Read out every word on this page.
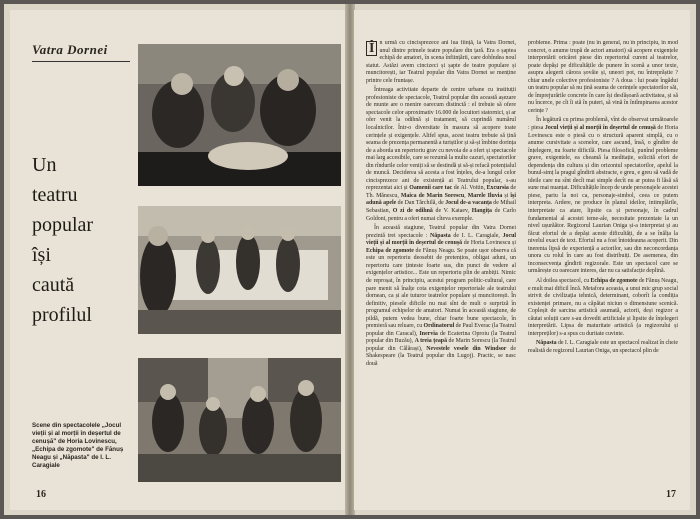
Vatra Dornei
Un
teatru
popular
își
caută
profilul
Scene din spectacolele „Jocul vieții și al morții în deșertul de cenușă" de Horia Lovinescu, „Echipa de zgomote" de Fănuș Neagu și „Năpasta" de I. L. Caragiale
16

Î n urmă cu cincisprezece ani lua ființă, la Vatra Dornei, unul dintre primele teatre populare din țară. Era o șaptea echipă de amatori, în scena înființării, care dobîndea noul statut. Astăzi avem cincizeci și șapte de teatre populare și muncitorești, iar Teatrul popular din Vatra Dornei se menține printre cele fruntașe.

Întreaga activitate departe de centre urbane cu instituții profesioniste de spectacole, Teatrul popular din această așezare de munte are o menire oarecum distinctă : el trebuie să ofere spectacole celor aproximativ 16.000 de locuitori statornici, și ar ofer venit la odihnă și tratament, să cuprindă numărul localnicilor. Într-o diversitate în masura să acopere toate cerințele și exigențele. Altfel spus, acest teatru trebuie să țină seama de prezența permanentă a turiștilor și să-și îmbine dorința de a aborda un repertoriu grav cu nevoia de a oferi și spectacole mai larg accesibile, care se rezumă la multe cazuri, spectatorilor din rîndurile celor veniți să se destindă și să-și refacă potențialul de muncă. Deciderea să acesta a fost înțeles, de-a lungul celor cincisprezece ani de existență ai Teatrului popular, s-au reprezentat aici și Oamenii care tac de Al. Voitin, Excursia de Th. Mănescu, Maica de Marin Sorescu, Marele Iluvia și își adună apele de Dan Tărchilă, de Jocul de-a vacanța de Mihail Sebastian, O zi de odihnă de V. Kataev, Hangița de Carlo Goldoni, pentru a oferi numai cîteva exemple.

În această stagiune, Teatrul popular din Vatra Dornei prezintă trei spectacole : Năpasta de I. L. Caragiale, Jocul vieții și al morții în deșertul de cenușă de Horia Lovinescu și Echipa de zgomote de Fănuș Neagu. Se poate ușor observa că este un repertoriu deosebit de pretențios, obligat aduni, un repertoriu care ținteste foarte sus, din punct de vedere al exigențelor artistice... Este un repertoriu plin de ambiții. Nimic de reproșat, în principiu, acestui program politic-cultural, care pare menit să înalțe cota exigențelor repertoriale ale teatrului dornean, ca și ale tuturor teatrelor populare și muncitorești. În definitiv, piesele dificile nu mai sînt de mult o surpriză în programul echipelor de amatori. Numai în această stagiune, de pildă, putem vedea bune, chiar foarte bune spectacole, în premieră sau reluare, cu Ordinatorul de Paul Everac (la Teatrul popular din Caracal), Inervia de Ecaterina Oproiu (la Teatrul popular din Buzău), A treia țeapă de Marin Sorescu (la Teatrul popular din Călărași), Nevestele vesele din Windsor de Shakespeare (la Teatrul popular din Lugoj). Practic, se nasc două

probleme. Prima : poate (nu în general, nu în principiu, în mod concret, o anume trupă de actori amatori) să acopere exigențele interpretării oricărei piese din repertoriul curent al teatrelor, poate depăși pe dificultățile de punere în scenă a unor texte, asupra alegerii cărora șovăie și, uneori pot, nu întreprăștie ? chiar unele colective profesioniste ? A doua : lui poate îngădui un teatru popular să nu țină seama de cerințele spectatorilor săi, de împrejurările concrete în care își desfășoară activitatea, și să nu încerce, pe cît îi stă în puteri, să vină în întîmpinarea acestor cerințe ?

În legătură cu prima problemă, vînt de observat următoarele : piesa Jocul vieții și al morții în deșertul de cenușă de Horia Lovinescu este o piesă cu o structură aparent simplă, cu o anume cursivitate a scenelor, care ascund, însă, o gîndire de înțelegere, nu foarte dificilă. Piesa filosofică, punînd probleme grave, exigentele, ea cheamă la meditație, solicită efort de dependența din cultura și din orizontul spectatorilor, apelul la bunul-simț la pragul gîndirii abstracte, e greu, e greu să vadă de ideile care nu sînt decît mai simple decît nu ar putea fi lăsă să sune mai nuanțat. Dificultățile încep de unde personajele acestei piese, pariu la noi ca, personaje-simbol, ceea ce putem interpreta. Ardere, ne produce în planul ideilor, intimplările, interpretate ca atare, lipsite ca și personaje, în cadrul fundamental al acestei teme-ale, necesitate prezentate la un nivel ușurăător. Regizorul Laurian Oniga și-a interpretat și au făcut efortul de a depăși aceste dificultăți, de a se înălța la nivelul exact de text. Efortul nu a fost întotdeauna acoperit. Din inerenta lipsă de experiență a actorilor, sau din neconcordanța unora cu rolul în care au fost distribuiți. De asemenea, din inconsecvența gîndirii regizorale. Este un spectacol care se urmărește cu oarecare interes, dar nu ca satisfacție deplină.

Al doilea spectacol, cu Echipa de zgomote de Fănuș Neagu, e mult mai dificil încă. Metafora aceasta, a unui mic grup social strivit de civilizația tehnică, determinant, coborît la condiția existenței primare, nu a căpătat niciun o dimensiune scenică. Copleșit de sarcina artistică asumată, actorii, deși regizor a căutat soluții care s-au dovedit artificiale și lipsite de înțelegeri interpretării. Lipsa de maturitate artistică (a regizorului și interpreților) s-a spus cu duritate cuvinte.

Năpasta de I. L. Caragiale este un spectacol realizat în cheie realistă de regizorul Laurian Oniga, un spectacol plin de

17
